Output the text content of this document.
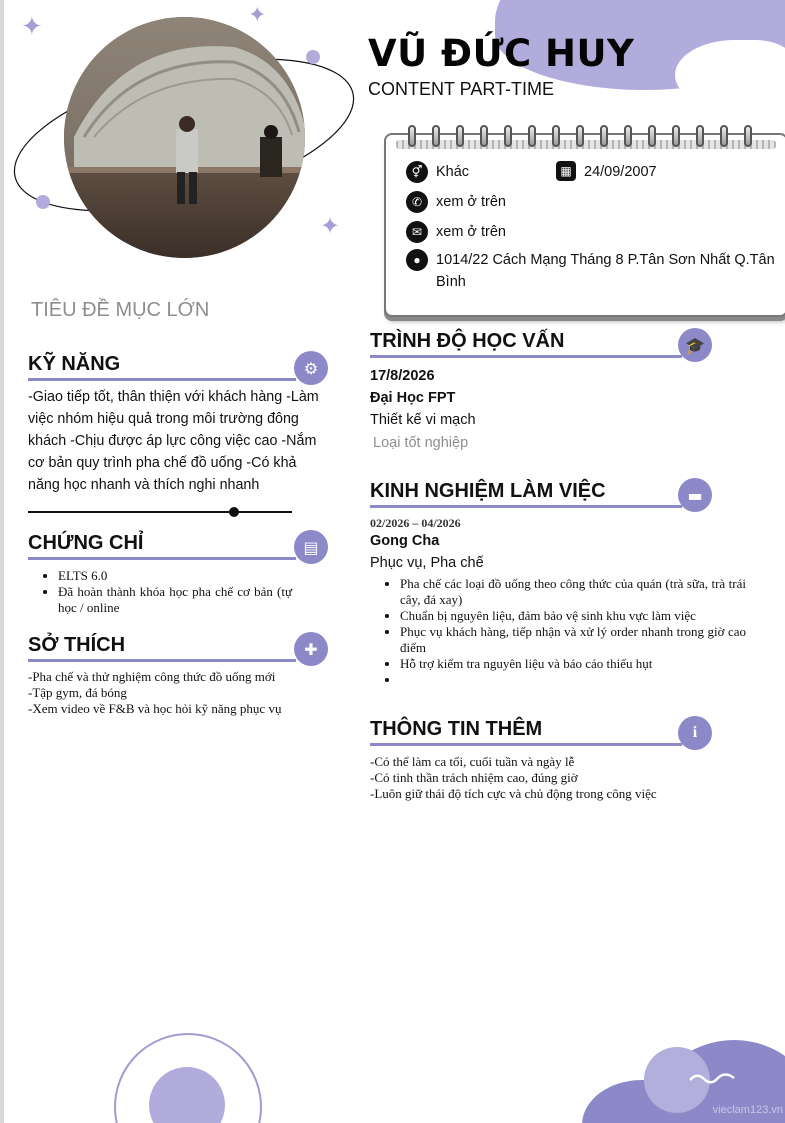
✦	✦
✦
VŨ ĐỨC HUY
CONTENT PART-TIME
⚥ Khác	▦ 24/09/2007
✆ xem ở trên
✉ xem ở trên
●	1014/22 Cách Mạng Tháng 8 P.Tân Sơn Nhất Q.Tân Bình
TIÊU ĐỀ MỤC LỚN
KỸ NĂNG	⚙
-Giao tiếp tốt, thân thiện với khách hàng -Làm việc nhóm hiệu quả trong môi trường đông khách -Chịu được áp lực công việc cao -Nắm cơ bản quy trình pha chế đồ uống -Có khả năng học nhanh và thích nghi nhanh
CHỨNG CHỈ	▤
• ELTS 6.0
• Đã hoàn thành khóa học pha chế cơ bản (tự học / online
SỞ THÍCH	✚
-Pha chế và thử nghiệm công thức đồ uống mới
-Tập gym, đá bóng
-Xem video về F&B và học hỏi kỹ năng phục vụ
TRÌNH ĐỘ HỌC VẤN	🎓
17/8/2026
Đại Học FPT
Thiết kế vi mạch
Loại tốt nghiệp
KINH NGHIỆM LÀM VIỆC	▬
02/2026 – 04/2026
Gong Cha
Phục vụ, Pha chế
• Pha chế các loại đồ uống theo công thức của quán (trà sữa, trà trái cây, đá xay)
• Chuẩn bị nguyên liệu, đảm bảo vệ sinh khu vực làm việc
• Phục vụ khách hàng, tiếp nhận và xử lý order nhanh trong giờ cao điểm
• Hỗ trợ kiểm tra nguyên liệu và báo cáo thiếu hụt
•
THÔNG TIN THÊM	i
-Có thể làm ca tối, cuối tuần và ngày lễ
-Có tinh thần trách nhiệm cao, đúng giờ
-Luôn giữ thái độ tích cực và chủ động trong công việc
vieclam123.vn
